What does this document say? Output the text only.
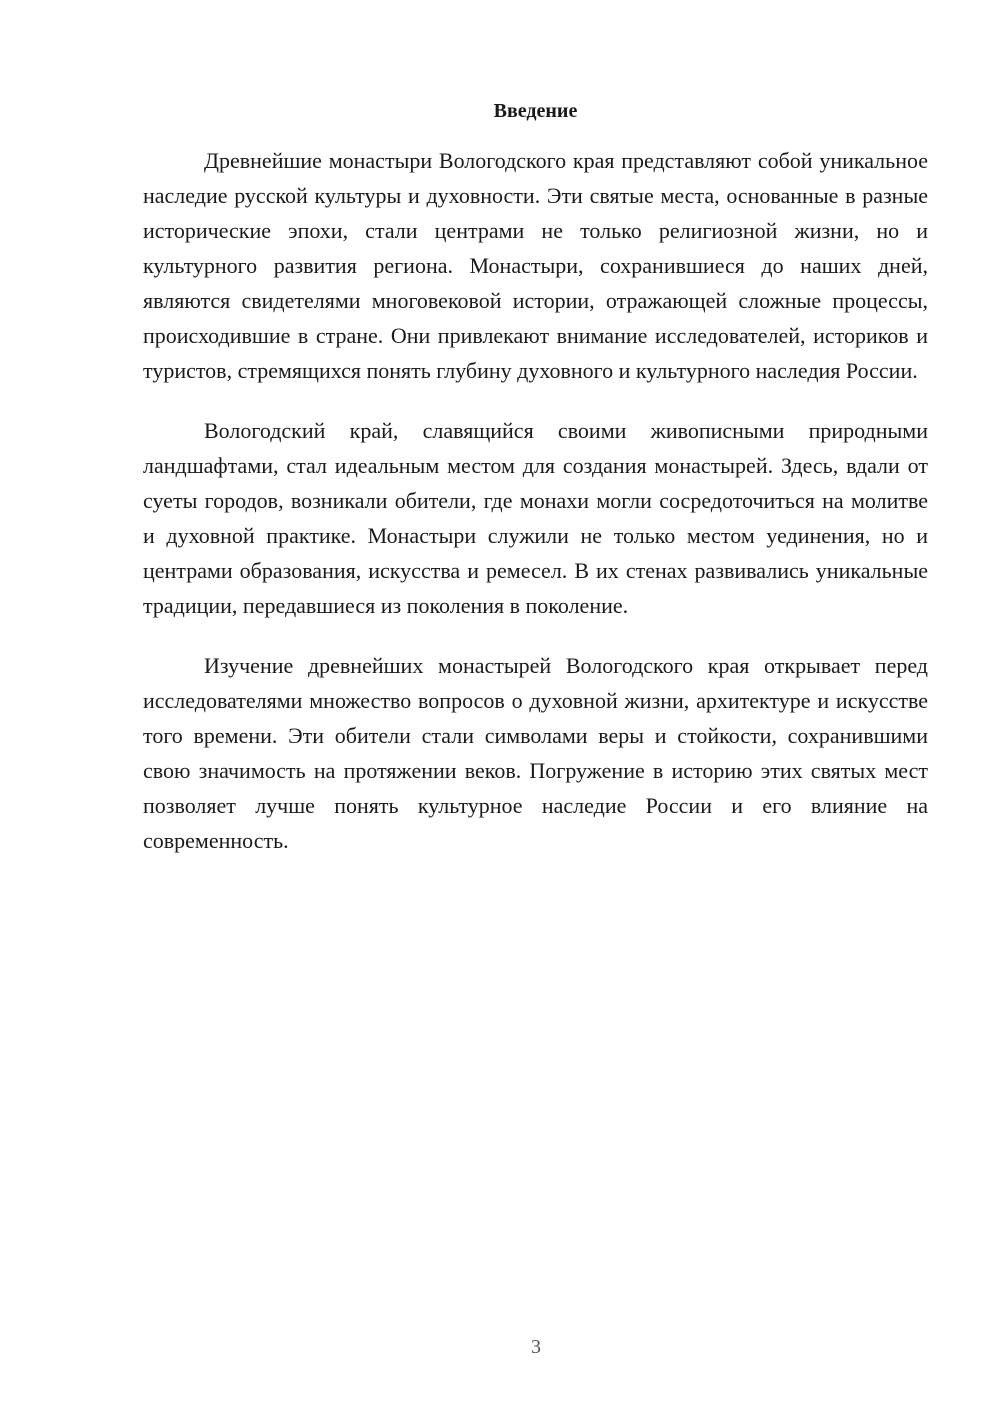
Введение

Древнейшие монастыри Вологодского края представляют собой уникальное наследие русской культуры и духовности. Эти святые места, основанные в разные исторические эпохи, стали центрами не только религиозной жизни, но и культурного развития региона. Монастыри, сохранившиеся до наших дней, являются свидетелями многовековой истории, отражающей сложные процессы, происходившие в стране. Они привлекают внимание исследователей, историков и туристов, стремящихся понять глубину духовного и культурного наследия России.

Вологодский край, славящийся своими живописными природными ландшафтами, стал идеальным местом для создания монастырей. Здесь, вдали от суеты городов, возникали обители, где монахи могли сосредоточиться на молитве и духовной практике. Монастыри служили не только местом уединения, но и центрами образования, искусства и ремесел. В их стенах развивались уникальные традиции, передавшиеся из поколения в поколение.

Изучение древнейших монастырей Вологодского края открывает перед исследователями множество вопросов о духовной жизни, архитектуре и искусстве того времени. Эти обители стали символами веры и стойкости, сохранившими свою значимость на протяжении веков. Погружение в историю этих святых мест позволяет лучше понять культурное наследие России и его влияние на современность.

3
